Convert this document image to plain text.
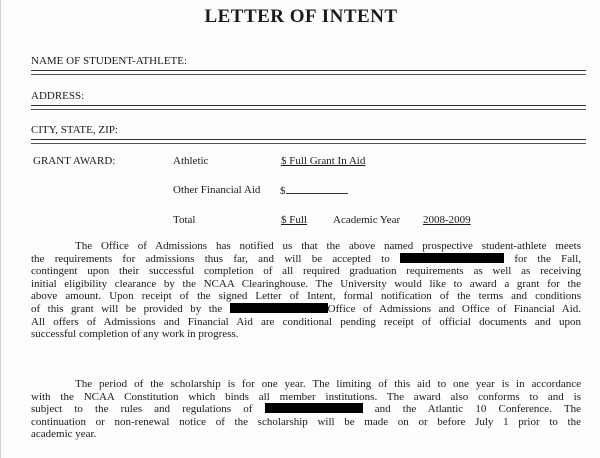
LETTER OF INTENT
NAME OF STUDENT-ATHLETE:
ADDRESS:
CITY, STATE, ZIP:
GRANT AWARD:	Athletic	$ Full Grant In Aid
Other Financial Aid $
Total	$ Full Academic Year 2008-2009
The Office of Admissions has notified us that the above named prospective student-athlete meets
the requirements for admissions thus far, and will be accepted to	for the Fall,
contingent upon their successful completion of all required graduation requirements as well as receiving
initial eligibility clearance by the NCAA Clearinghouse. The University would like to award a grant for the
above amount. Upon receipt of the signed Letter of Intent, formal notification of the terms and conditions
of this grant will be provided by the	Office of Admissions and Office of Financial Aid.
All offers of Admissions and Financial Aid are conditional pending receipt of official documents and upon
successful completion of any work in progress.
The period of the scholarship is for one year. The limiting of this aid to one year is in accordance
with the NCAA Constitution which binds all member institutions. The award also conforms to and is
subject to the rules and regulations of	and the Atlantic 10 Conference. The
continuation or non-renewal notice of the scholarship will be made on or before July 1 prior to the
academic year.
